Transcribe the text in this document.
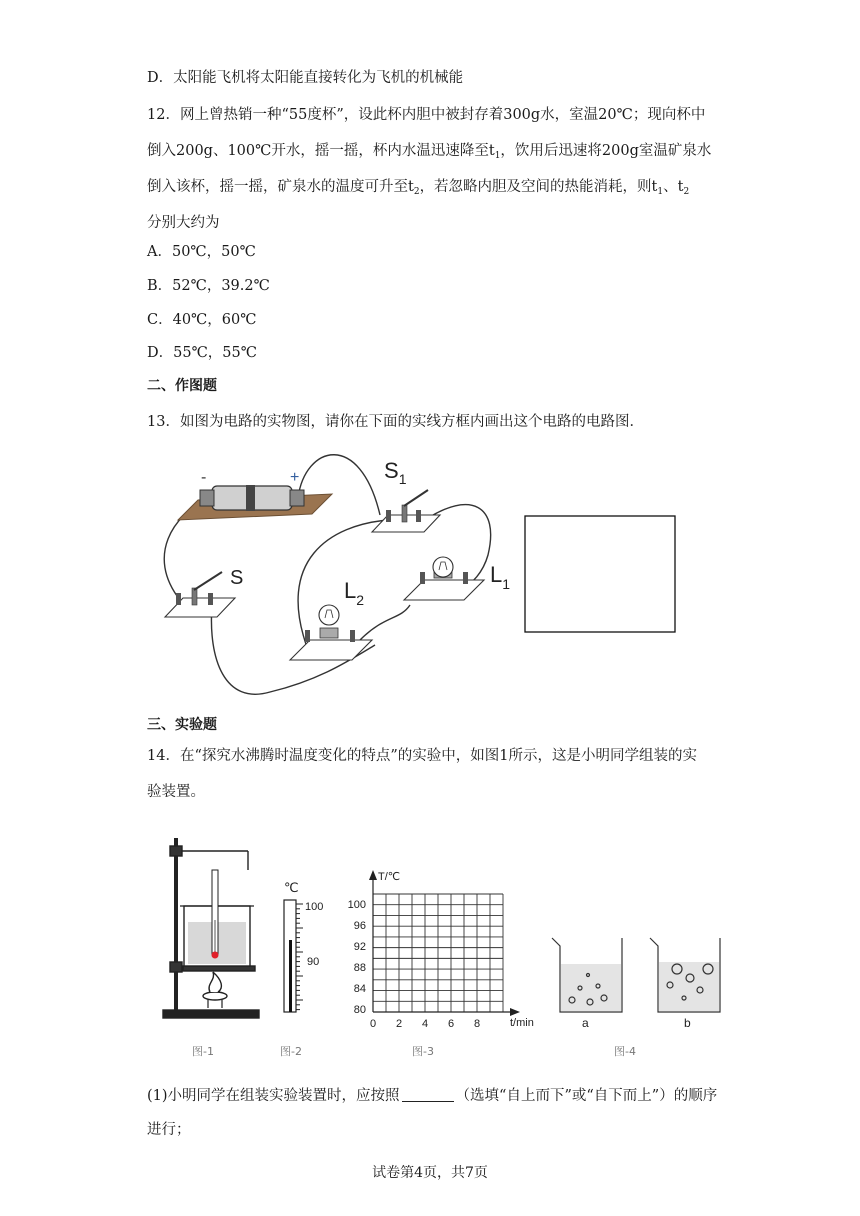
D．太阳能飞机将太阳能直接转化为飞机的机械能
12．网上曾热销一种“55度杯”，设此杯内胆中被封存着300g水，室温20℃；现向杯中
倒入200g、100℃开水，摇一摇，杯内水温迅速降至$t_1$，饮用后迅速将200g室温矿泉水
倒入该杯，摇一摇，矿泉水的温度可升至$t_2$，若忽略内胆及空间的热能消耗，则$t_1$、$t_2$
分别大约为
A．50℃，50℃
B．52℃，39.2℃
C．40℃，60℃
D．55℃，55℃
二、作图题
13．如图为电路的实物图，请你在下面的实线方框内画出这个电路的电路图．
-	+	$S_1$
S	$L_2$
$L_1$
三、实验题
14．在“探究水沸腾时温度变化的特点”的实验中，如图1所示，这是小明同学组装的实
验装置。
℃
100
90
T/℃
t/min
100
96
92
88
84
80
0 2 4 6 8	a	b
图-1	图-2	图-3	图-4
(1)小明同学在组装实验装置时，应按照	（选填“自上而下”或“自下而上”）的顺序
进行；
试卷第4页，共7页
